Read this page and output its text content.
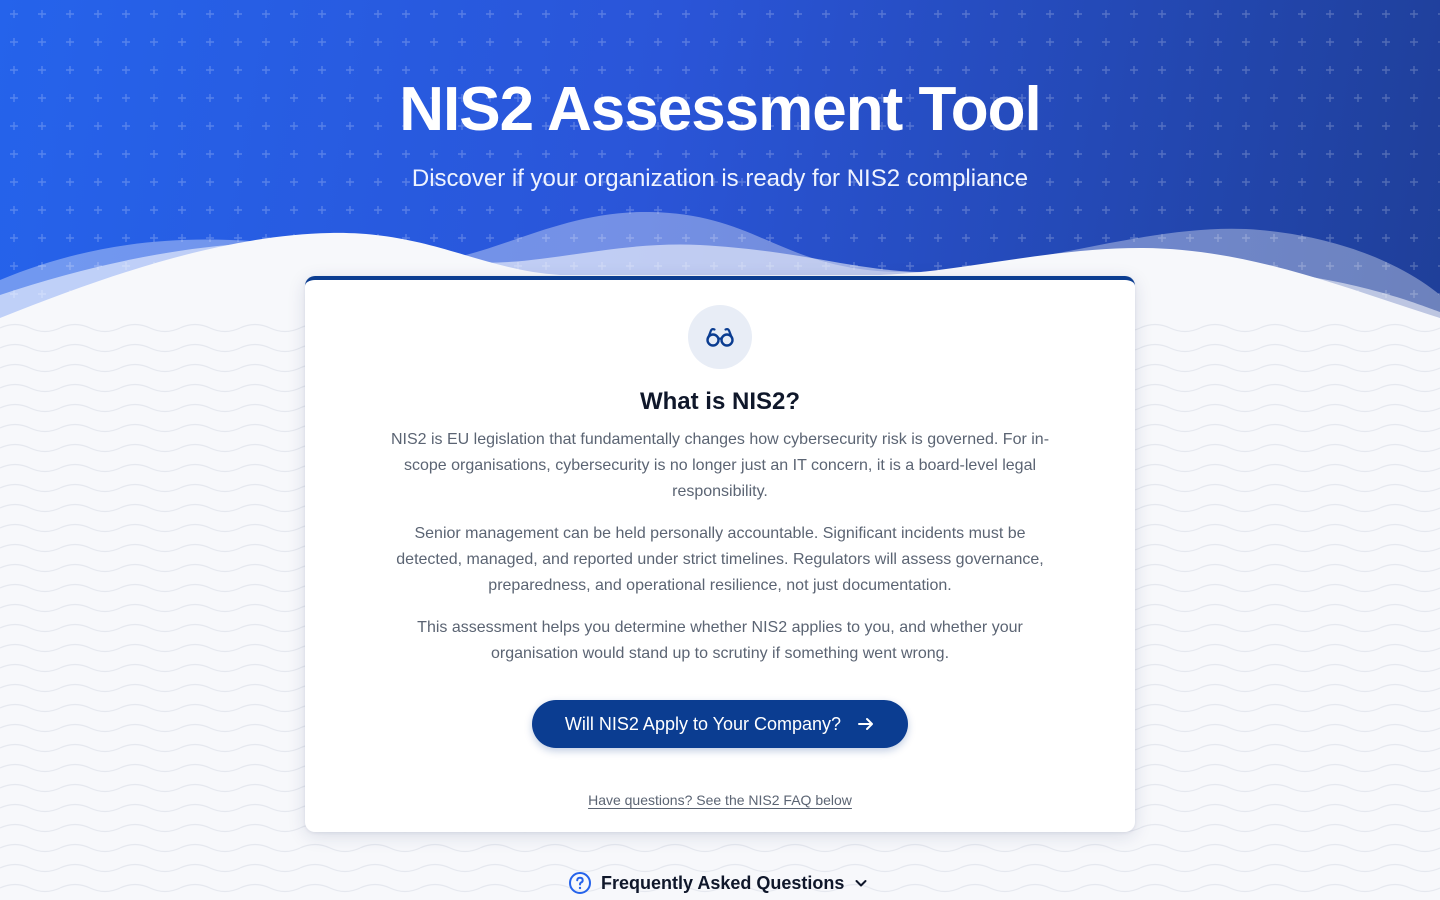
NIS2 Assessment Tool

Discover if your organization is ready for NIS2 compliance

What is NIS2?

NIS2 is EU legislation that fundamentally changes how cybersecurity risk is governed. For in-scope organisations, cybersecurity is no longer just an IT concern, it is a board-level legal responsibility.

Senior management can be held personally accountable. Significant incidents must be detected, managed, and reported under strict timelines. Regulators will assess governance, preparedness, and operational resilience, not just documentation.

This assessment helps you determine whether NIS2 applies to you, and whether your organisation would stand up to scrutiny if something went wrong.

Will NIS2 Apply to Your Company?
Have questions? See the NIS2 FAQ below
Frequently Asked Questions
